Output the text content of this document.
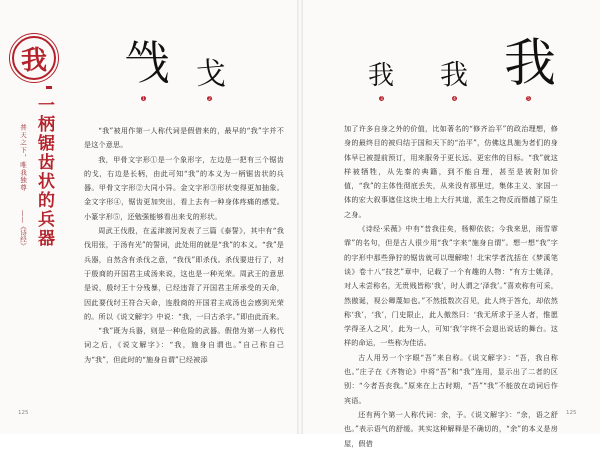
我
一柄锯齿状的兵器
普天之下，唯我独尊
——《诗经》
㦰
1
戈
2
我
3
我
4
我
5

“我”被用作第一人称代词是假借来的，最早的“我”字并不是这个意思。

我，甲骨文字形①是一个象形字，左边是一把有三个锯齿的戈，右边是长柄，由此可知“我”的本义为一柄锯齿状的兵器。甲骨文字形②大同小异。金文字形③形状变得更加抽象。金文字形④，锯齿更加突出，看上去有一种身体疼痛的感觉。小篆字形⑤，还勉强能够看出来戈的形状。

周武王伐殷，在孟津渡河发表了三篇《泰誓》，其中有“我伐用张，于汤有光”的誓词，此处用的就是“我”的本义。“我”是兵器，自然含有杀伐之意，“我伐”即杀伐。杀伐要进行了，对于殷商的开国君主成汤来说，这也是一种光荣。周武王的意思是说，殷纣王十分残暴，已经违背了开国君主所承受的天命，因此要伐纣王符合天命，连殷商的开国君主成汤也会感到光荣的。所以《说文解字》中说：“我，一曰古杀字。”即由此而来。

“我”既为兵器，则是一种危险的武器。假借为第一人称代词之后，《说文解字》：“我，施身自谓也。”自己称自己为“我”，但此时的“施身自谓”已经被添

加了许多自身之外的价值，比如著名的“修齐治平”的政治理想，修身的最终目的被归结于国和天下的“治平”，仿佛这具施为者们的身体早已被提前预订，用来服务于更长远、更宏伟的目标。“我”就这样被牺牲，从先秦的典籍，到不能自理，甚至是被附加价值，“我”的主体性彻底丢失，从来没有那里过，集体主义、家国一体的宏大叙事遮住这块土地上大行其道，派生之物反而僭越了原生之身。

《诗经·采薇》中有“昔我往矣，杨柳依依；今我来思，雨雪霏霏”的名句，但是古人很少用“我”字来“施身自谓”。想一想“我”字的字形中那些狰狞的锯齿就可以理解啦！北宋学者沈括在《梦溪笔谈》卷十八“技艺”章中，记载了一个有趣的人物：“有方士姚泽，对人未尝称名，无贵贱皆称‘我’，时人谓之‘泽我’。”喜欢称有可采，然傲诞，视公卿蔑如也。”不然抵数次召见，此人终于答允，却依然称‘我’，‘我’，门史限止，此人傲然曰：‘我无所求于圣人者，惟愿学得圣人之风’，此为一人，可知‘我’字终不会退出说话的舞台。这样的命运，一些称为佳话。

古人用另一个字眼“吾”来自称。《说文解字》：“吾，我自称也。”庄子在《齐物论》中将“吾”和“我”连用，显示出了二者的区别：“今者吾丧我。”原来在上古时期，“吾”“我”不能放在动词后作宾语。

还有两个第一人称代词：余，予。《说文解字》：“余，语之舒也。”表示语气的舒缓。其实这种解释是不确切的，“余”的本义是房屋，假借

125	125
